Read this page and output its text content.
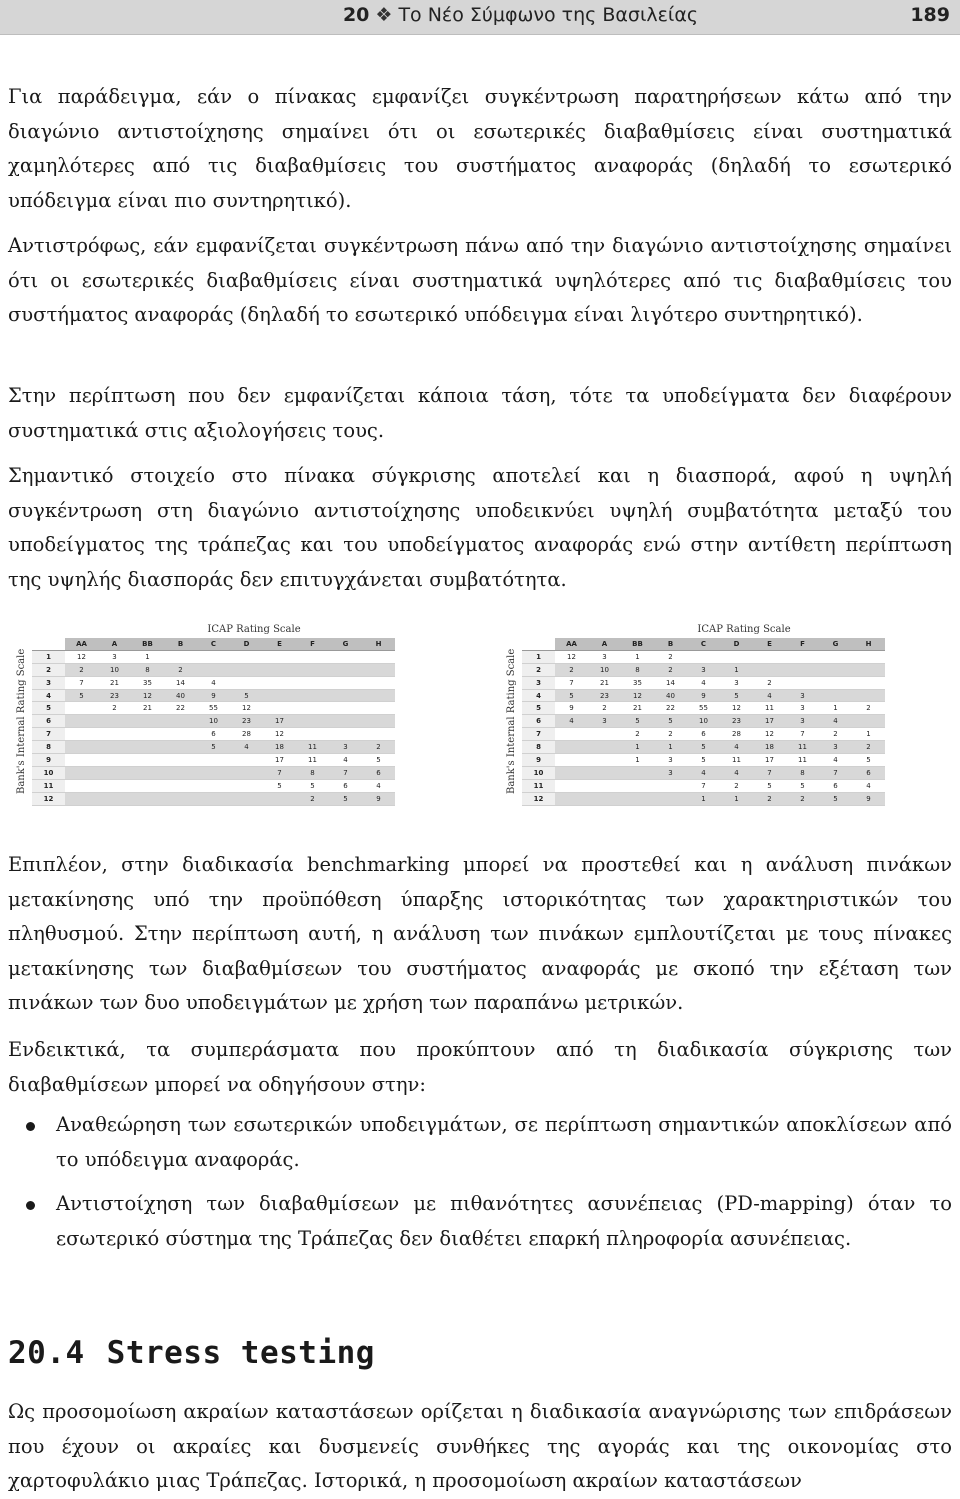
20 ❖ Το Νέο Σύμφωνο της Βασιλείας	189

Για παράδειγμα, εάν ο πίνακας εμφανίζει συγκέντρωση παρατηρήσεων κάτω από την διαγώνιο αντιστοίχησης σημαίνει ότι οι εσωτερικές διαβαθμίσεις είναι συστηματικά χαμηλότερες από τις διαβαθμίσεις του συστήματος αναφοράς (δηλαδή το εσωτερικό υπόδειγμα είναι πιο συντηρητικό).

Αντιστρόφως, εάν εμφανίζεται συγκέντρωση πάνω από την διαγώνιο αντιστοίχησης σημαίνει ότι οι εσωτερικές διαβαθμίσεις είναι συστηματικά υψηλότερες από τις διαβαθμίσεις του συστήματος αναφοράς (δηλαδή το εσωτερικό υπόδειγμα είναι λιγότερο συντηρητικό).

Στην περίπτωση που δεν εμφανίζεται κάποια τάση, τότε τα υποδείγματα δεν διαφέρουν συστηματικά στις αξιολογήσεις τους.

Σημαντικό στοιχείο στο πίνακα σύγκρισης αποτελεί και η διασπορά, αφού η υψηλή συγκέντρωση στη διαγώνιο αντιστοίχησης υποδεικνύει υψηλή συμβατότητα μεταξύ του υποδείγματος της τράπεζας και του υποδείγματος αναφοράς ενώ στην αντίθετη περίπτωση της υψηλής διασποράς δεν επιτυγχάνεται συμβατότητα.

ICAP Rating Scale
Bank's Internal Rating Scale
	AA	A	BB	B	C	D	E	F	G	H
1	12	3	1							
2	2	10	8	2						
3	7	21	35	14	4					
4	5	23	12	40	9	5				
5		2	21	22	55	12				
6					10	23	17			
7					6	28	12			
8					5	4	18	11	3	2
9							17	11	4	5
10							7	8	7	6
11							5	5	6	4
12								2	5	9
ICAP Rating Scale
Bank's Internal Rating Scale
	AA	A	BB	B	C	D	E	F	G	H
1	12	3	1	2						
2	2	10	8	2	3	1				
3	7	21	35	14	4	3	2			
4	5	23	12	40	9	5	4	3		
5	9	2	21	22	55	12	11	3	1	2
6	4	3	5	5	10	23	17	3	4	
7			2	2	6	28	12	7	2	1
8			1	1	5	4	18	11	3	2
9			1	3	5	11	17	11	4	5
10				3	4	4	7	8	7	6
11					7	2	5	5	6	4
12					1	1	2	2	5	9

Επιπλέον, στην διαδικασία benchmarking μπορεί να προστεθεί και η ανάλυση πινάκων μετακίνησης υπό την προϋπόθεση ύπαρξης ιστορικότητας των χαρακτηριστικών του πληθυσμού. Στην περίπτωση αυτή, η ανάλυση των πινάκων εμπλουτίζεται με τους πίνακες μετακίνησης των διαβαθμίσεων του συστήματος αναφοράς με σκοπό την εξέταση των πινάκων των δυο υποδειγμάτων με χρήση των παραπάνω μετρικών.

Ενδεικτικά, τα συμπεράσματα που προκύπτουν από τη διαδικασία σύγκρισης των διαβαθμίσεων μπορεί να οδηγήσουν στην:

Αναθεώρηση των εσωτερικών υποδειγμάτων, σε περίπτωση σημαντικών αποκλίσεων από το υπόδειγμα αναφοράς.
Αντιστοίχηση των διαβαθμίσεων με πιθανότητες ασυνέπειας (PD-mapping) όταν το εσωτερικό σύστημα της Τράπεζας δεν διαθέτει επαρκή πληροφορία ασυνέπειας.
20.4 Stress testing

Ως προσομοίωση ακραίων καταστάσεων ορίζεται η διαδικασία αναγνώρισης των επιδράσεων που έχουν οι ακραίες και δυσμενείς συνθήκες της αγοράς και της οικονομίας στο χαρτοφυλάκιο μιας Τράπεζας. Ιστορικά, η προσομοίωση ακραίων καταστάσεων
